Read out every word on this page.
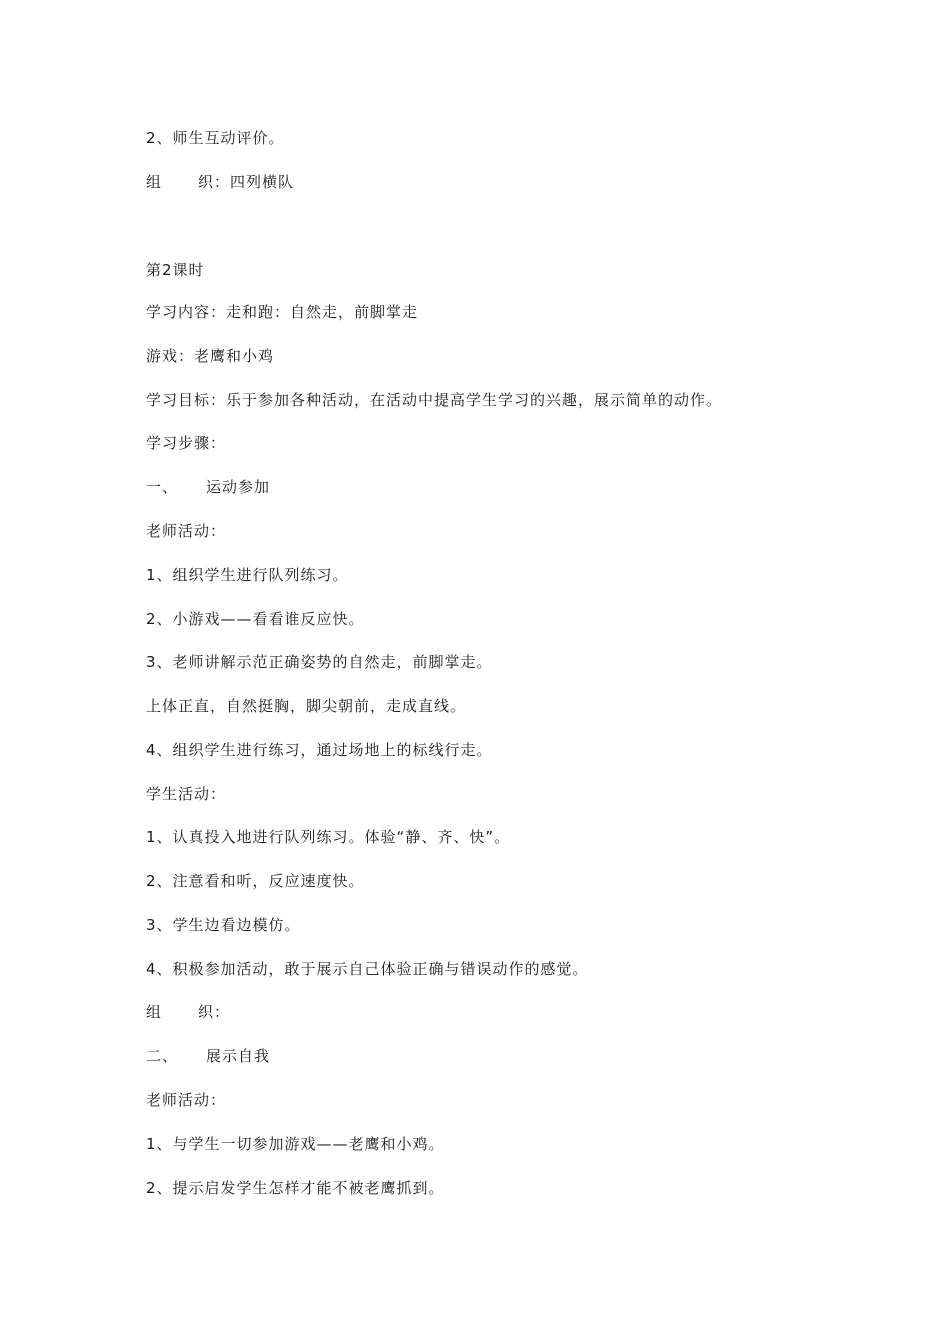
2、师生互动评价。
组 织：四列横队
第2课时
学习内容：走和跑：自然走，前脚掌走
游戏：老鹰和小鸡
学习目标：乐于参加各种活动，在活动中提高学生学习的兴趣，展示简单的动作。
学习步骤：
一、 运动参加
老师活动：
1、组织学生进行队列练习。
2、小游戏——看看谁反应快。
3、老师讲解示范正确姿势的自然走，前脚掌走。
上体正直，自然挺胸，脚尖朝前，走成直线。
4、组织学生进行练习，通过场地上的标线行走。
学生活动：
1、认真投入地进行队列练习。体验“静、齐、快”。
2、注意看和听，反应速度快。
3、学生边看边模仿。
4、积极参加活动，敢于展示自己体验正确与错误动作的感觉。
组 织：
二、 展示自我
老师活动：
1、与学生一切参加游戏——老鹰和小鸡。
2、提示启发学生怎样才能不被老鹰抓到。
